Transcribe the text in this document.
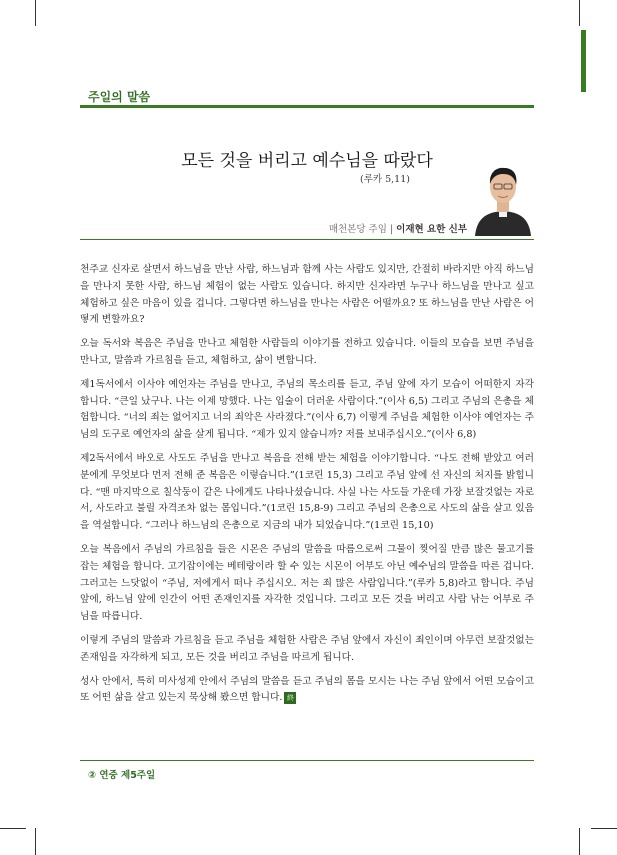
주일의 말씀
모든 것을 버리고 예수님을 따랐다
(루카 5,11)
매천본당 주임 | 이재현 요한 신부

천주교 신자로 살면서 하느님을 만난 사람, 하느님과 함께 사는 사람도 있지만, 간절히 바라지만 아직 하느님을 만나지 못한 사람, 하느님 체험이 없는 사람도 있습니다. 하지만 신자라면 누구나 하느님을 만나고 싶고 체험하고 싶은 마음이 있을 겁니다. 그렇다면 하느님을 만나는 사람은 어떨까요? 또 하느님을 만난 사람은 어떻게 변할까요?

오늘 독서와 복음은 주님을 만나고 체험한 사람들의 이야기를 전하고 있습니다. 이들의 모습을 보면 주님을 만나고, 말씀과 가르침을 듣고, 체험하고, 삶이 변합니다.

제1독서에서 이사야 예언자는 주님을 만나고, 주님의 목소리를 듣고, 주님 앞에 자기 모습이 어떠한지 자각합니다. “큰일 났구나. 나는 이제 망했다. 나는 입술이 더러운 사람이다.”(이사 6,5) 그리고 주님의 은총을 체험합니다. “너의 죄는 없어지고 너의 죄악은 사라졌다.”(이사 6,7) 이렇게 주님을 체험한 이사야 예언자는 주님의 도구로 예언자의 삶을 살게 됩니다. “제가 있지 않습니까? 저를 보내주십시오.”(이사 6,8)

제2독서에서 바오로 사도도 주님을 만나고 복음을 전해 받는 체험을 이야기합니다. “나도 전해 받았고 여러분에게 무엇보다 먼저 전해 준 복음은 이렇습니다.”(1코린 15,3) 그리고 주님 앞에 선 자신의 처지를 밝힙니다. “맨 마지막으로 칠삭둥이 같은 나에게도 나타나셨습니다. 사실 나는 사도들 가운데 가장 보잘것없는 자로서, 사도라고 불릴 자격조차 없는 몸입니다.”(1코린 15,8-9) 그리고 주님의 은총으로 사도의 삶을 살고 있음을 역설합니다. “그러나 하느님의 은총으로 지금의 내가 되었습니다.”(1코린 15,10)

오늘 복음에서 주님의 가르침을 들은 시몬은 주님의 말씀을 따름으로써 그물이 찢어질 만큼 많은 물고기를 잡는 체험을 합니다. 고기잡이에는 베테랑이라 할 수 있는 시몬이 어부도 아닌 예수님의 말씀을 따른 겁니다. 그러고는 느닷없이 “주님, 저에게서 떠나 주십시오. 저는 죄 많은 사람입니다.”(루카 5,8)라고 합니다. 주님 앞에, 하느님 앞에 인간이 어떤 존재인지를 자각한 것입니다. 그리고 모든 것을 버리고 사람 낚는 어부로 주님을 따릅니다.

이렇게 주님의 말씀과 가르침을 듣고 주님을 체험한 사람은 주님 앞에서 자신이 죄인이며 아무런 보잘것없는 존재임을 자각하게 되고, 모든 것을 버리고 주님을 따르게 됩니다.

성사 안에서, 특히 미사성제 안에서 주님의 말씀을 듣고 주님의 몸을 모시는 나는 주님 앞에서 어떤 모습이고 또 어떤 삶을 살고 있는지 묵상해 봤으면 합니다. 終

② 연중 제5주일
